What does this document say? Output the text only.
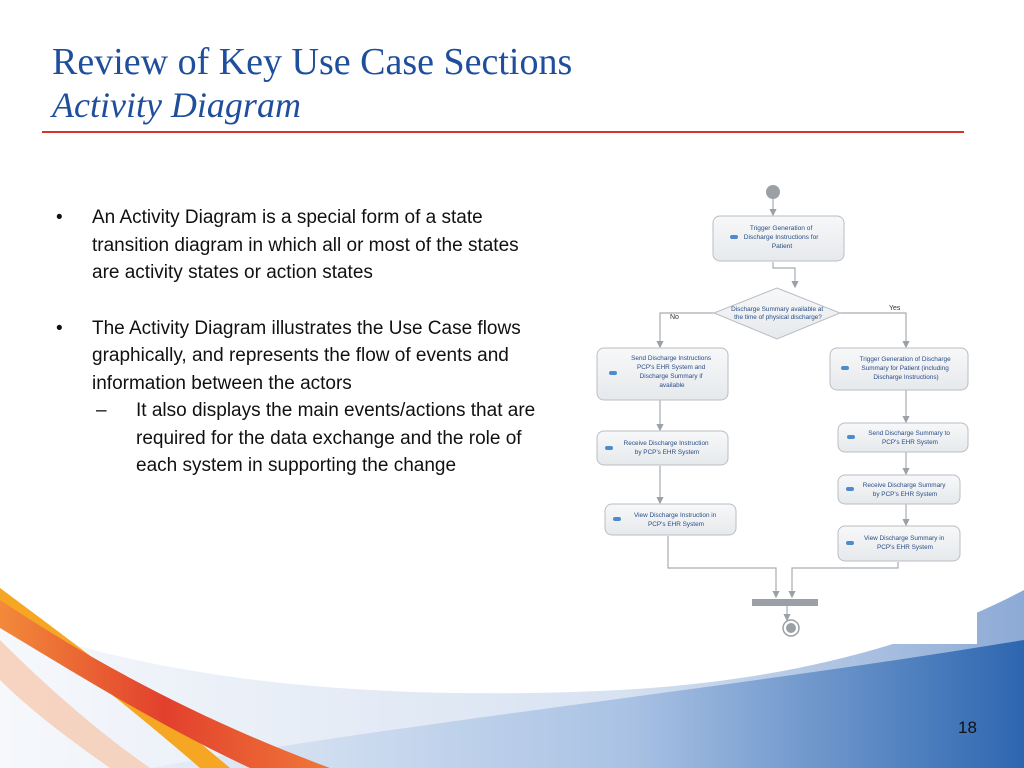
Review of Key Use Case Sections
Activity Diagram
• An Activity Diagram is a special form of a state transition diagram in which all or most of the states are activity states or action states
• The Activity Diagram illustrates the Use Case flows graphically, and represents the flow of events and information between the actors
– It also displays the main events/actions that are required for the data exchange and the role of each system in supporting the change
Trigger Generation of Discharge Instructions for Patient
Discharge Summary available at the time of physical discharge?
No
Yes
Send Discharge Instructions PCP's EHR System and Discharge Summary if available
Trigger Generation of Discharge Summary for Patient (including Discharge Instructions)
Receive Discharge Instruction by PCP's EHR System
Send Discharge Summary to PCP's EHR System
Receive Discharge Summary by PCP's EHR System
View Discharge Instruction in PCP's EHR System
View Discharge Summary in PCP's EHR System
18
